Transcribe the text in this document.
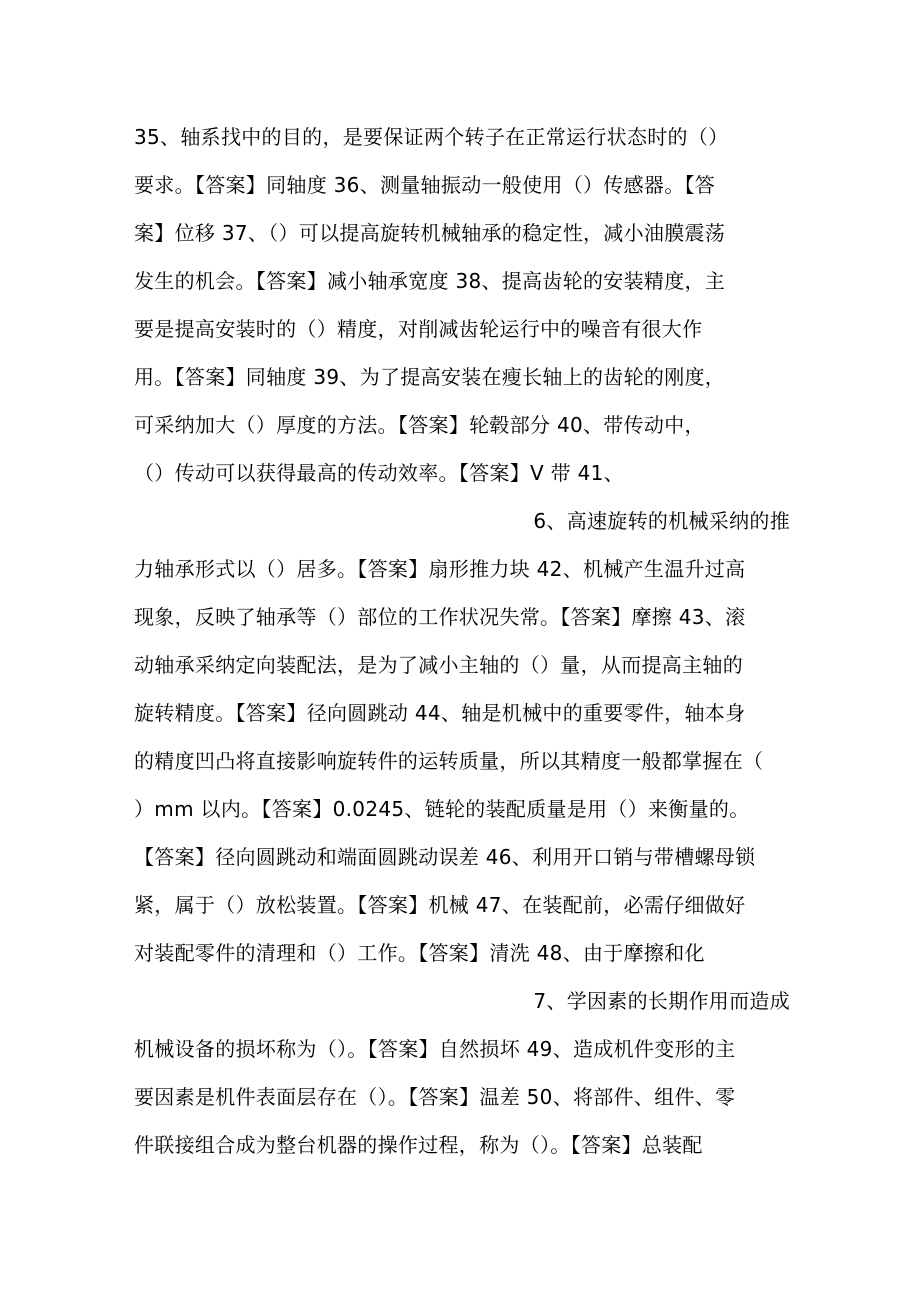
35、轴系找中的目的，是要保证两个转子在正常运行状态时的（）
要求。【答案】同轴度 36、测量轴振动一般使用（）传感器。【答
案】位移 37、（）可以提高旋转机械轴承的稳定性，减小油膜震荡
发生的机会。【答案】减小轴承宽度 38、提高齿轮的安装精度，主
要是提高安装时的（）精度，对削减齿轮运行中的噪音有很大作
用。【答案】同轴度 39、为了提高安装在瘦长轴上的齿轮的刚度，
可采纳加大（）厚度的方法。【答案】轮毂部分 40、带传动中，
（）传动可以获得最高的传动效率。【答案】V 带 41、
6、高速旋转的机械采纳的推
力轴承形式以（）居多。【答案】扇形推力块 42、机械产生温升过高
现象，反映了轴承等（）部位的工作状况失常。【答案】摩擦 43、滚
动轴承采纳定向装配法，是为了减小主轴的（）量，从而提高主轴的
旋转精度。【答案】径向圆跳动 44、轴是机械中的重要零件，轴本身
的精度凹凸将直接影响旋转件的运转质量，所以其精度一般都掌握在（
）mm 以内。【答案】0.0245、链轮的装配质量是用（）来衡量的。
【答案】径向圆跳动和端面圆跳动误差 46、利用开口销与带槽螺母锁
紧，属于（）放松装置。【答案】机械 47、在装配前，必需仔细做好
对装配零件的清理和（）工作。【答案】清洗 48、由于摩擦和化
7、学因素的长期作用而造成
机械设备的损坏称为（）。【答案】自然损坏 49、造成机件变形的主
要因素是机件表面层存在（）。【答案】温差 50、将部件、组件、零
件联接组合成为整台机器的操作过程，称为（）。【答案】总装配
